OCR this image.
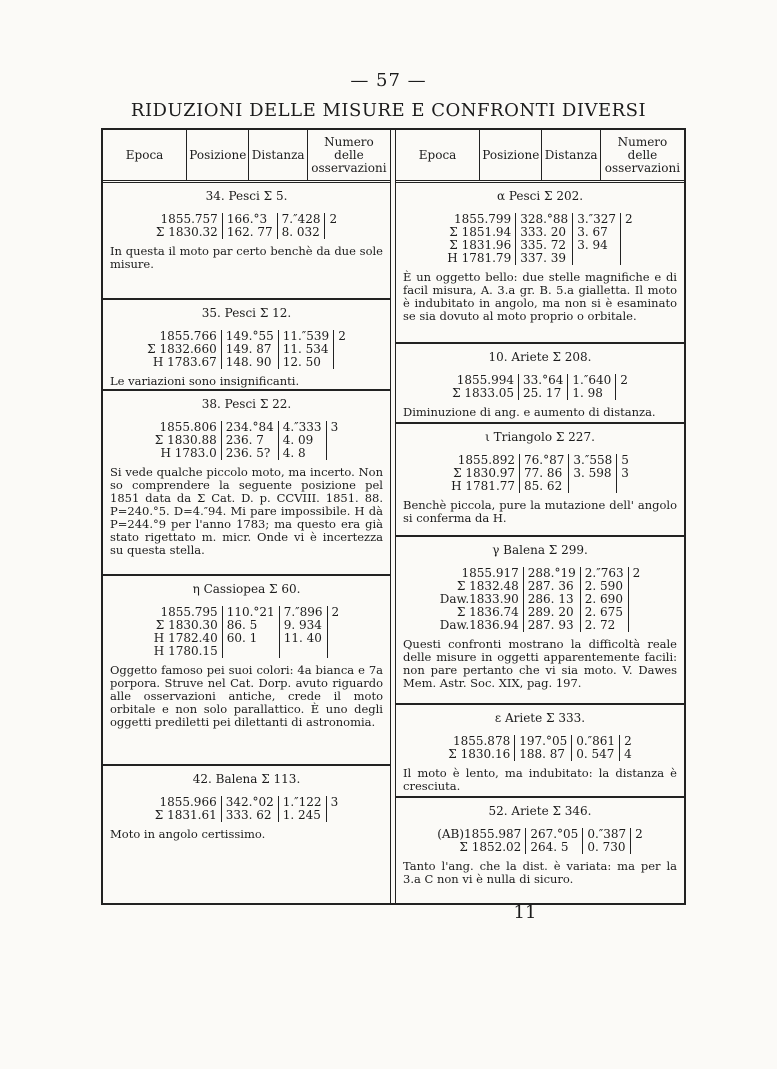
— 57 —
RIDUZIONI DELLE MISURE E CONFRONTI DIVERSI
Epoca	Posizione Distanza
Numero
delle
osservazioni
34. Pesci Σ 5.
1855.757	166.°3	7.″428	2
Σ 1830.32	162. 77	8. 032	
In questa il moto par certo benchè da due sole misure.
35. Pesci Σ 12.
1855.766	149.°55	11.″539	2
Σ 1832.660	149. 87	11. 534	
H 1783.67	148. 90	12. 50	
Le variazioni sono insignificanti.
38. Pesci Σ 22.
1855.806	234.°84	4.″333	3
Σ 1830.88	236. 7	4. 09	
H 1783.0	236. 5?	4. 8	
Si vede qualche piccolo moto, ma incerto. Non so comprendere la seguente posizione pel 1851 data da Σ Cat. D. p. CCVIII. 1851. 88. P=240.°5. D=4.″94. Mi pare impossibile. H dà P=244.°9 per l'anno 1783; ma questo era già stato rigettato m. micr. Onde vi è incertezza su questa stella.
η Cassiopea Σ 60.
1855.795	110.°21	7.″896	2
Σ 1830.30	86. 5	9. 934	
H 1782.40	60. 1	11. 40	
H 1780.15			
Oggetto famoso pei suoi colori: 4a bianca e 7a porpora. Struve nel Cat. Dorp. avuto riguardo alle osservazioni antiche, crede il moto orbitale e non solo parallattico. È uno degli oggetti prediletti pei dilettanti di astronomia.
42. Balena Σ 113.
1855.966	342.°02	1.″122	3
Σ 1831.61	333. 62	1. 245	
Moto in angolo certissimo.
Epoca	Posizione Distanza
Numero
delle
osservazioni
α Pesci Σ 202.
1855.799	328.°88	3.″327	2
Σ 1851.94	333. 20	3. 67	
Σ 1831.96	335. 72	3. 94	
H 1781.79	337. 39		
È un oggetto bello: due stelle magnifiche e di facil misura, A. 3.a gr. B. 5.a gialletta. Il moto è indubitato in angolo, ma non si è esaminato se sia dovuto al moto proprio o orbitale.
10. Ariete Σ 208.
1855.994	33.°64	1.″640	2
Σ 1833.05	25. 17	1. 98	
Diminuzione di ang. e aumento di distanza.
ι Triangolo Σ 227.
1855.892	76.°87	3.″558	5
Σ 1830.97	77. 86	3. 598	3
H 1781.77	85. 62		
Benchè piccola, pure la mutazione dell' angolo si conferma da H.
γ Balena Σ 299.
1855.917	288.°19	2.″763	2
Σ 1832.48	287. 36	2. 590	
Daw.1833.90	286. 13	2. 690	
Σ 1836.74	289. 20	2. 675	
Daw.1836.94	287. 93	2. 72	
Questi confronti mostrano la difficoltà reale delle misure in oggetti apparentemente facili: non pare pertanto che vi sia moto. V. Dawes Mem. Astr. Soc. XIX, pag. 197.
ε Ariete Σ 333.
1855.878	197.°05	0.″861	2
Σ 1830.16	188. 87	0. 547	4
Il moto è lento, ma indubitato: la distanza è cresciuta.
52. Ariete Σ 346.
(AB)1855.987	267.°05	0.″387	2
Σ 1852.02	264. 5	0. 730	
Tanto l'ang. che la dist. è variata: ma per la 3.a C non vi è nulla di sicuro.
11
